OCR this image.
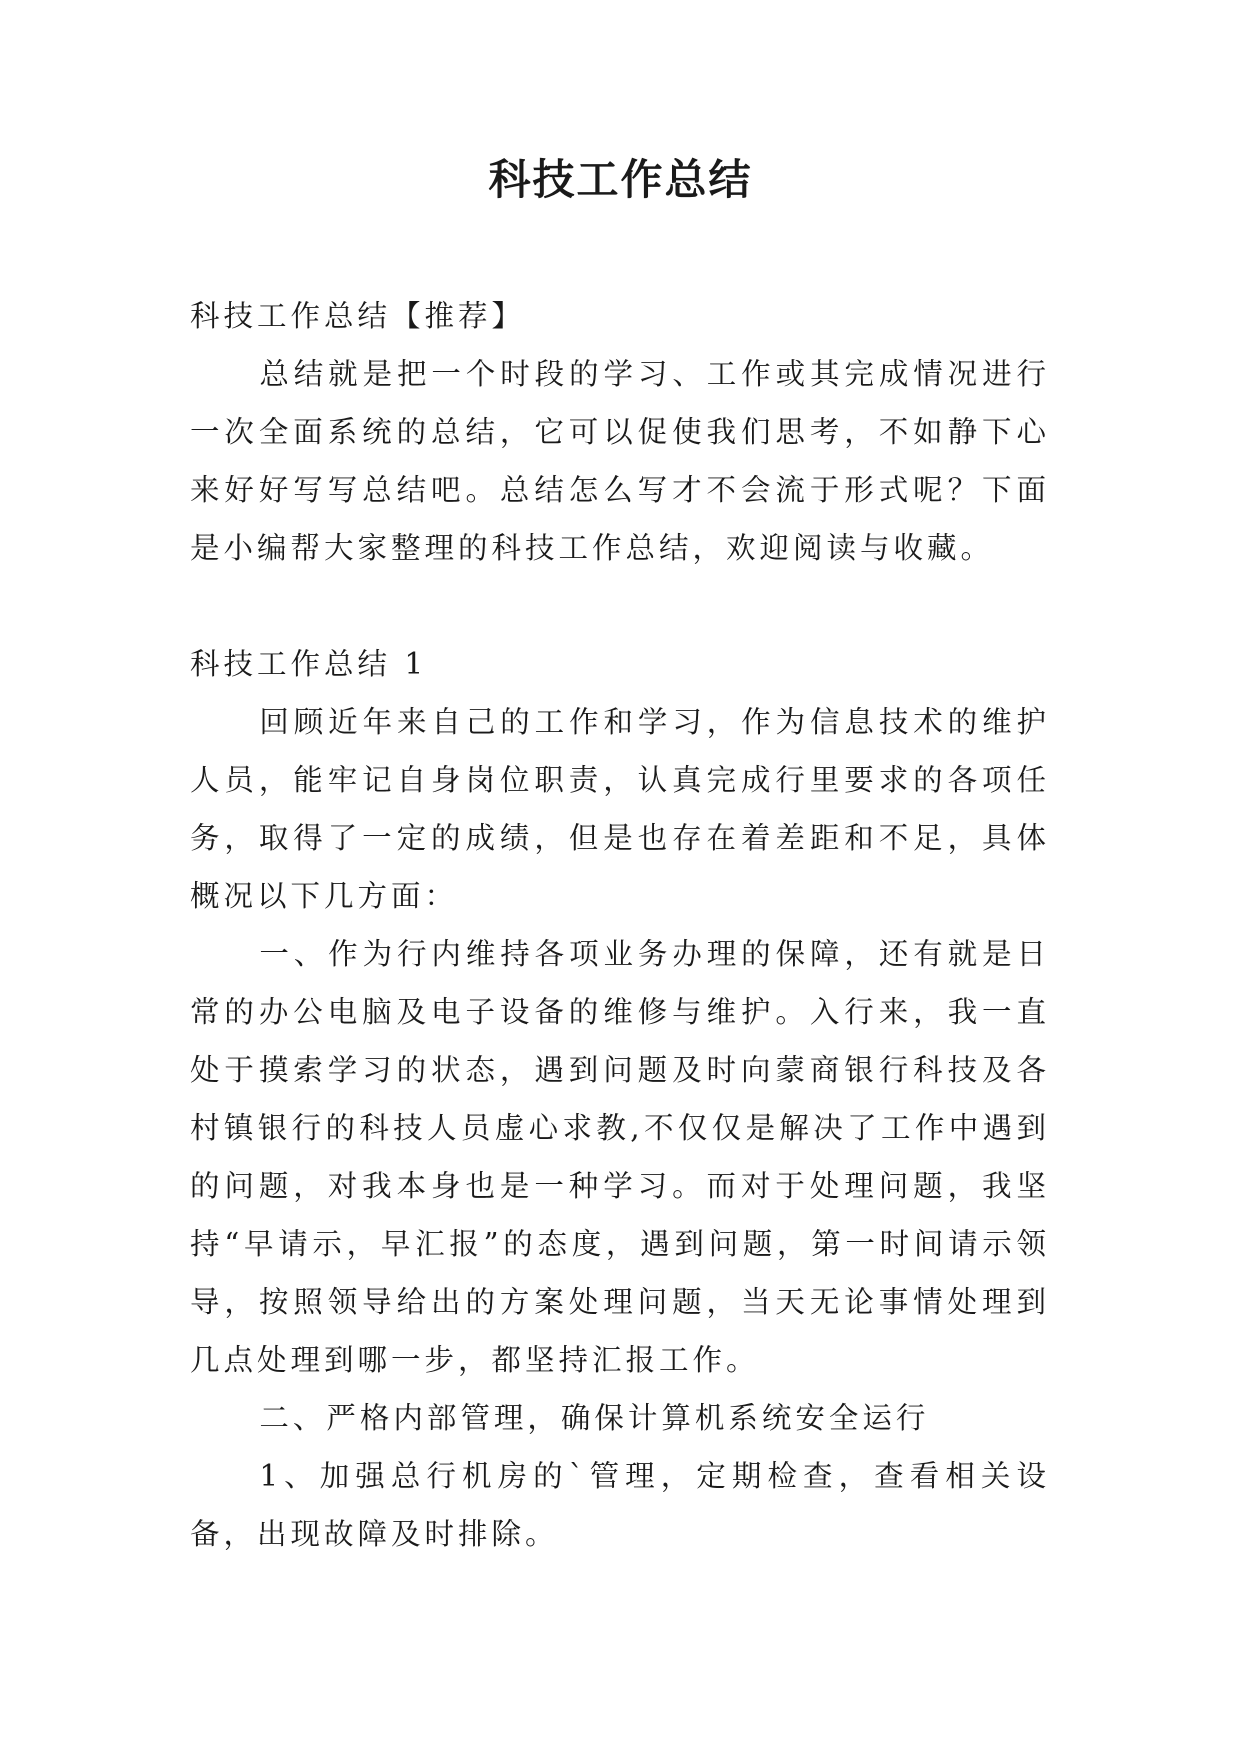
科技工作总结

科技工作总结【推荐】

总结就是把一个时段的学习、工作或其完成情况进行一次全面系统的总结，它可以促使我们思考，不如静下心来好好写写总结吧。总结怎么写才不会流于形式呢？下面是小编帮大家整理的科技工作总结，欢迎阅读与收藏。

科技工作总结 1

回顾近年来自己的工作和学习，作为信息技术的维护人员，能牢记自身岗位职责，认真完成行里要求的各项任务，取得了一定的成绩，但是也存在着差距和不足，具体概况以下几方面：

一、作为行内维持各项业务办理的保障，还有就是日常的办公电脑及电子设备的维修与维护。入行来，我一直处于摸索学习的状态，遇到问题及时向蒙商银行科技及各村镇银行的科技人员虚心求教,不仅仅是解决了工作中遇到的问题，对我本身也是一种学习。而对于处理问题，我坚持“早请示，早汇报”的态度，遇到问题，第一时间请示领导，按照领导给出的方案处理问题，当天无论事情处理到几点处理到哪一步，都坚持汇报工作。

二、严格内部管理，确保计算机系统安全运行

1、加强总行机房的`管理，定期检查，查看相关设备，出现故障及时排除。
